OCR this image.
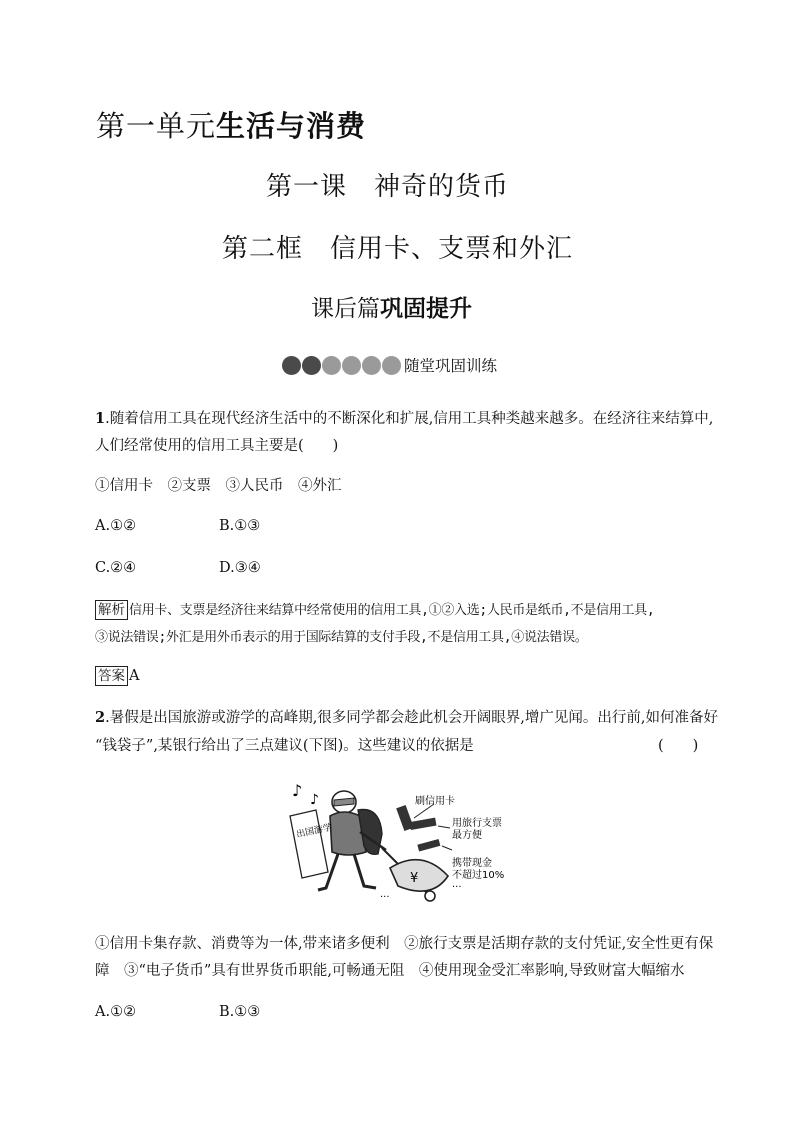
第一单元生活与消费
第一课　神奇的货币
第二框　信用卡、支票和外汇
课后篇巩固提升
随堂巩固训练
1.随着信用工具在现代经济生活中的不断深化和扩展,信用工具种类越来越多。在经济往来结算中,
人们经常使用的信用工具主要是(　　)
①信用卡　②支票　③人民币　④外汇
A.①②	B.①③
C.②④	D.③④
解析 信用卡、支票是经济往来结算中经常使用的信用工具,①②入选;人民币是纸币,不是信用工具,
③说法错误;外汇是用外币表示的用于国际结算的支付手段,不是信用工具,④说法错误。
答案 A
2.暑假是出国旅游或游学的高峰期,很多同学都会趁此机会开阔眼界,增广见闻。出行前,如何准备好
“钱袋子”,某银行给出了三点建议(下图)。这些建议的依据是	(　　)
♪ ♪
出国游学
¥
刷信用卡
用旅行支票
最方便
携带现金
不超过10%
···
···
①信用卡集存款、消费等为一体,带来诸多便利　②旅行支票是活期存款的支付凭证,安全性更有保
障　③“电子货币”具有世界货币职能,可畅通无阻　④使用现金受汇率影响,导致财富大幅缩水
A.①②	B.①③
